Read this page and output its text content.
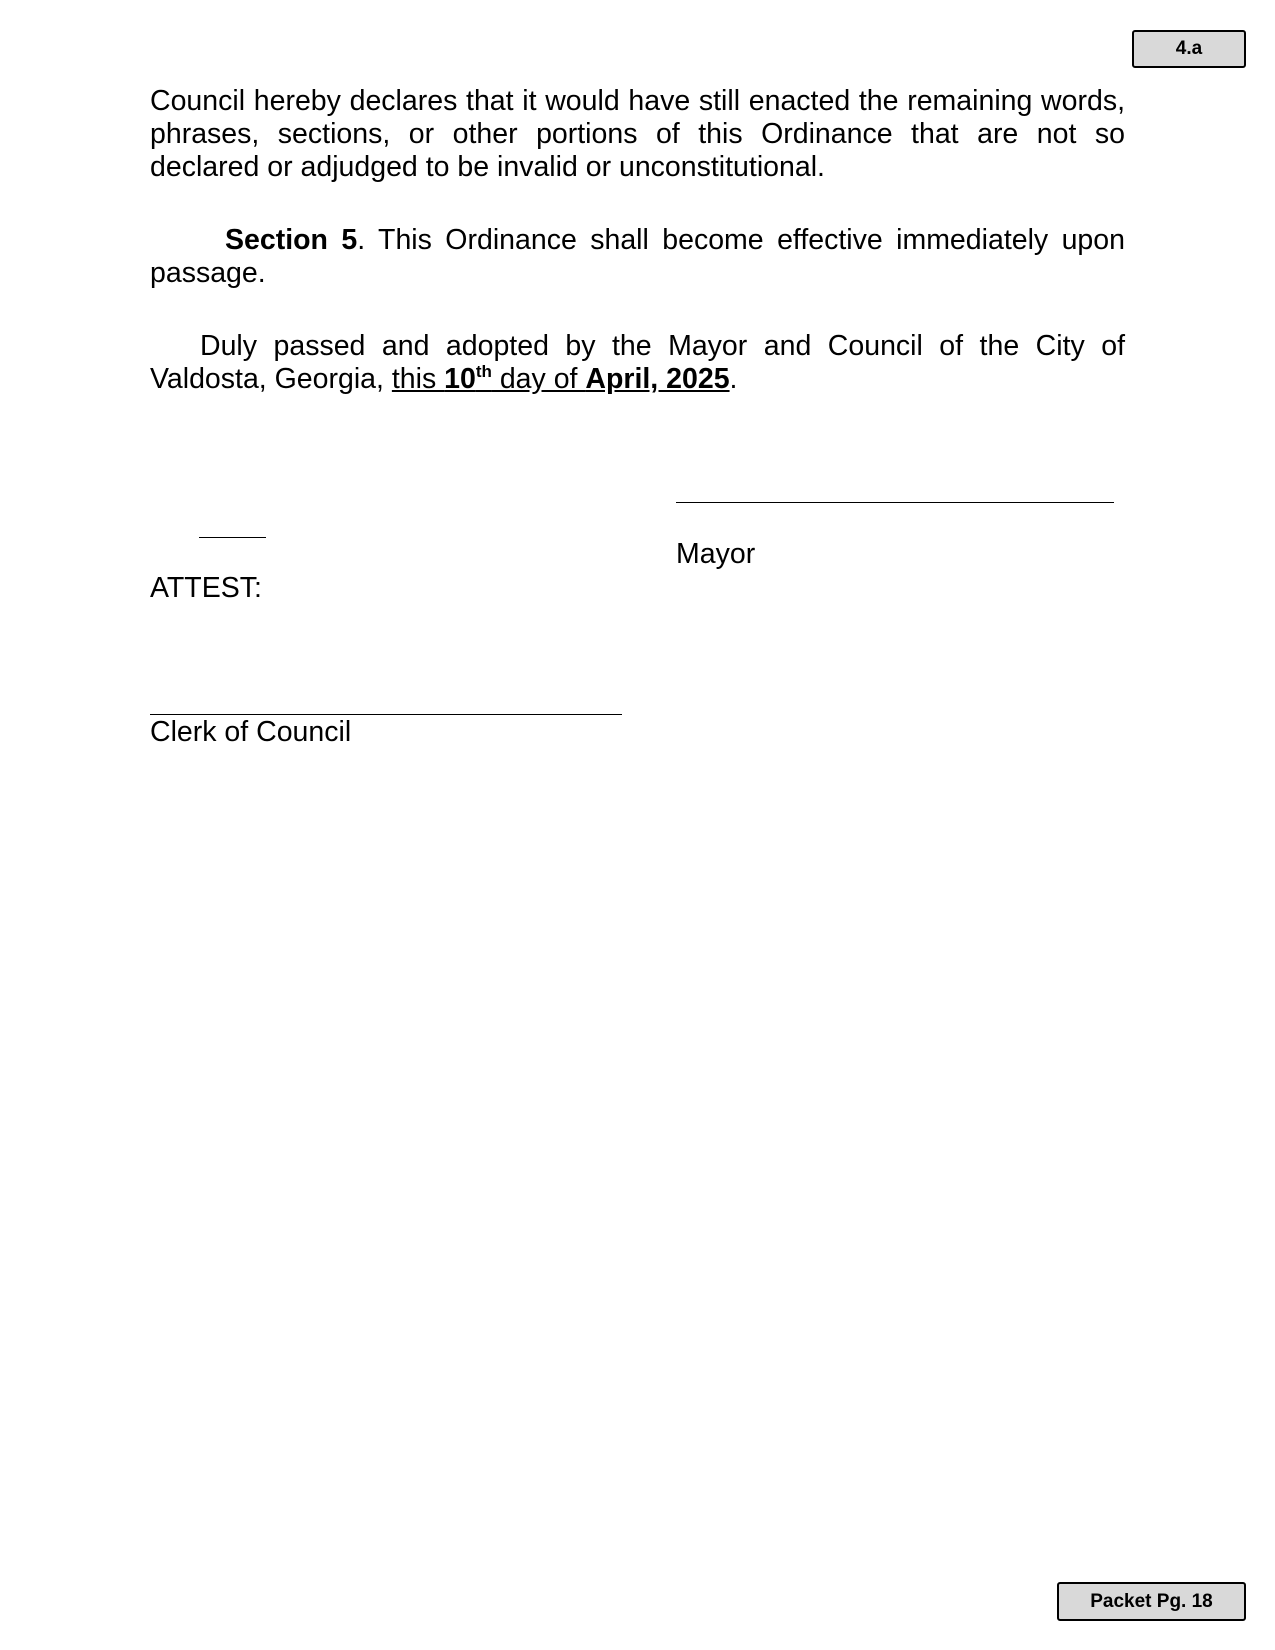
4.a
Council hereby declares that it would have still enacted the remaining words, phrases, sections, or other portions of this Ordinance that are not so declared or adjudged to be invalid or unconstitutional.
Section 5. This Ordinance shall become effective immediately upon passage.
Duly passed and adopted by the Mayor and Council of the City of Valdosta, Georgia, this 10th day of April, 2025.
Mayor
ATTEST:
Clerk of Council
Packet Pg. 18
